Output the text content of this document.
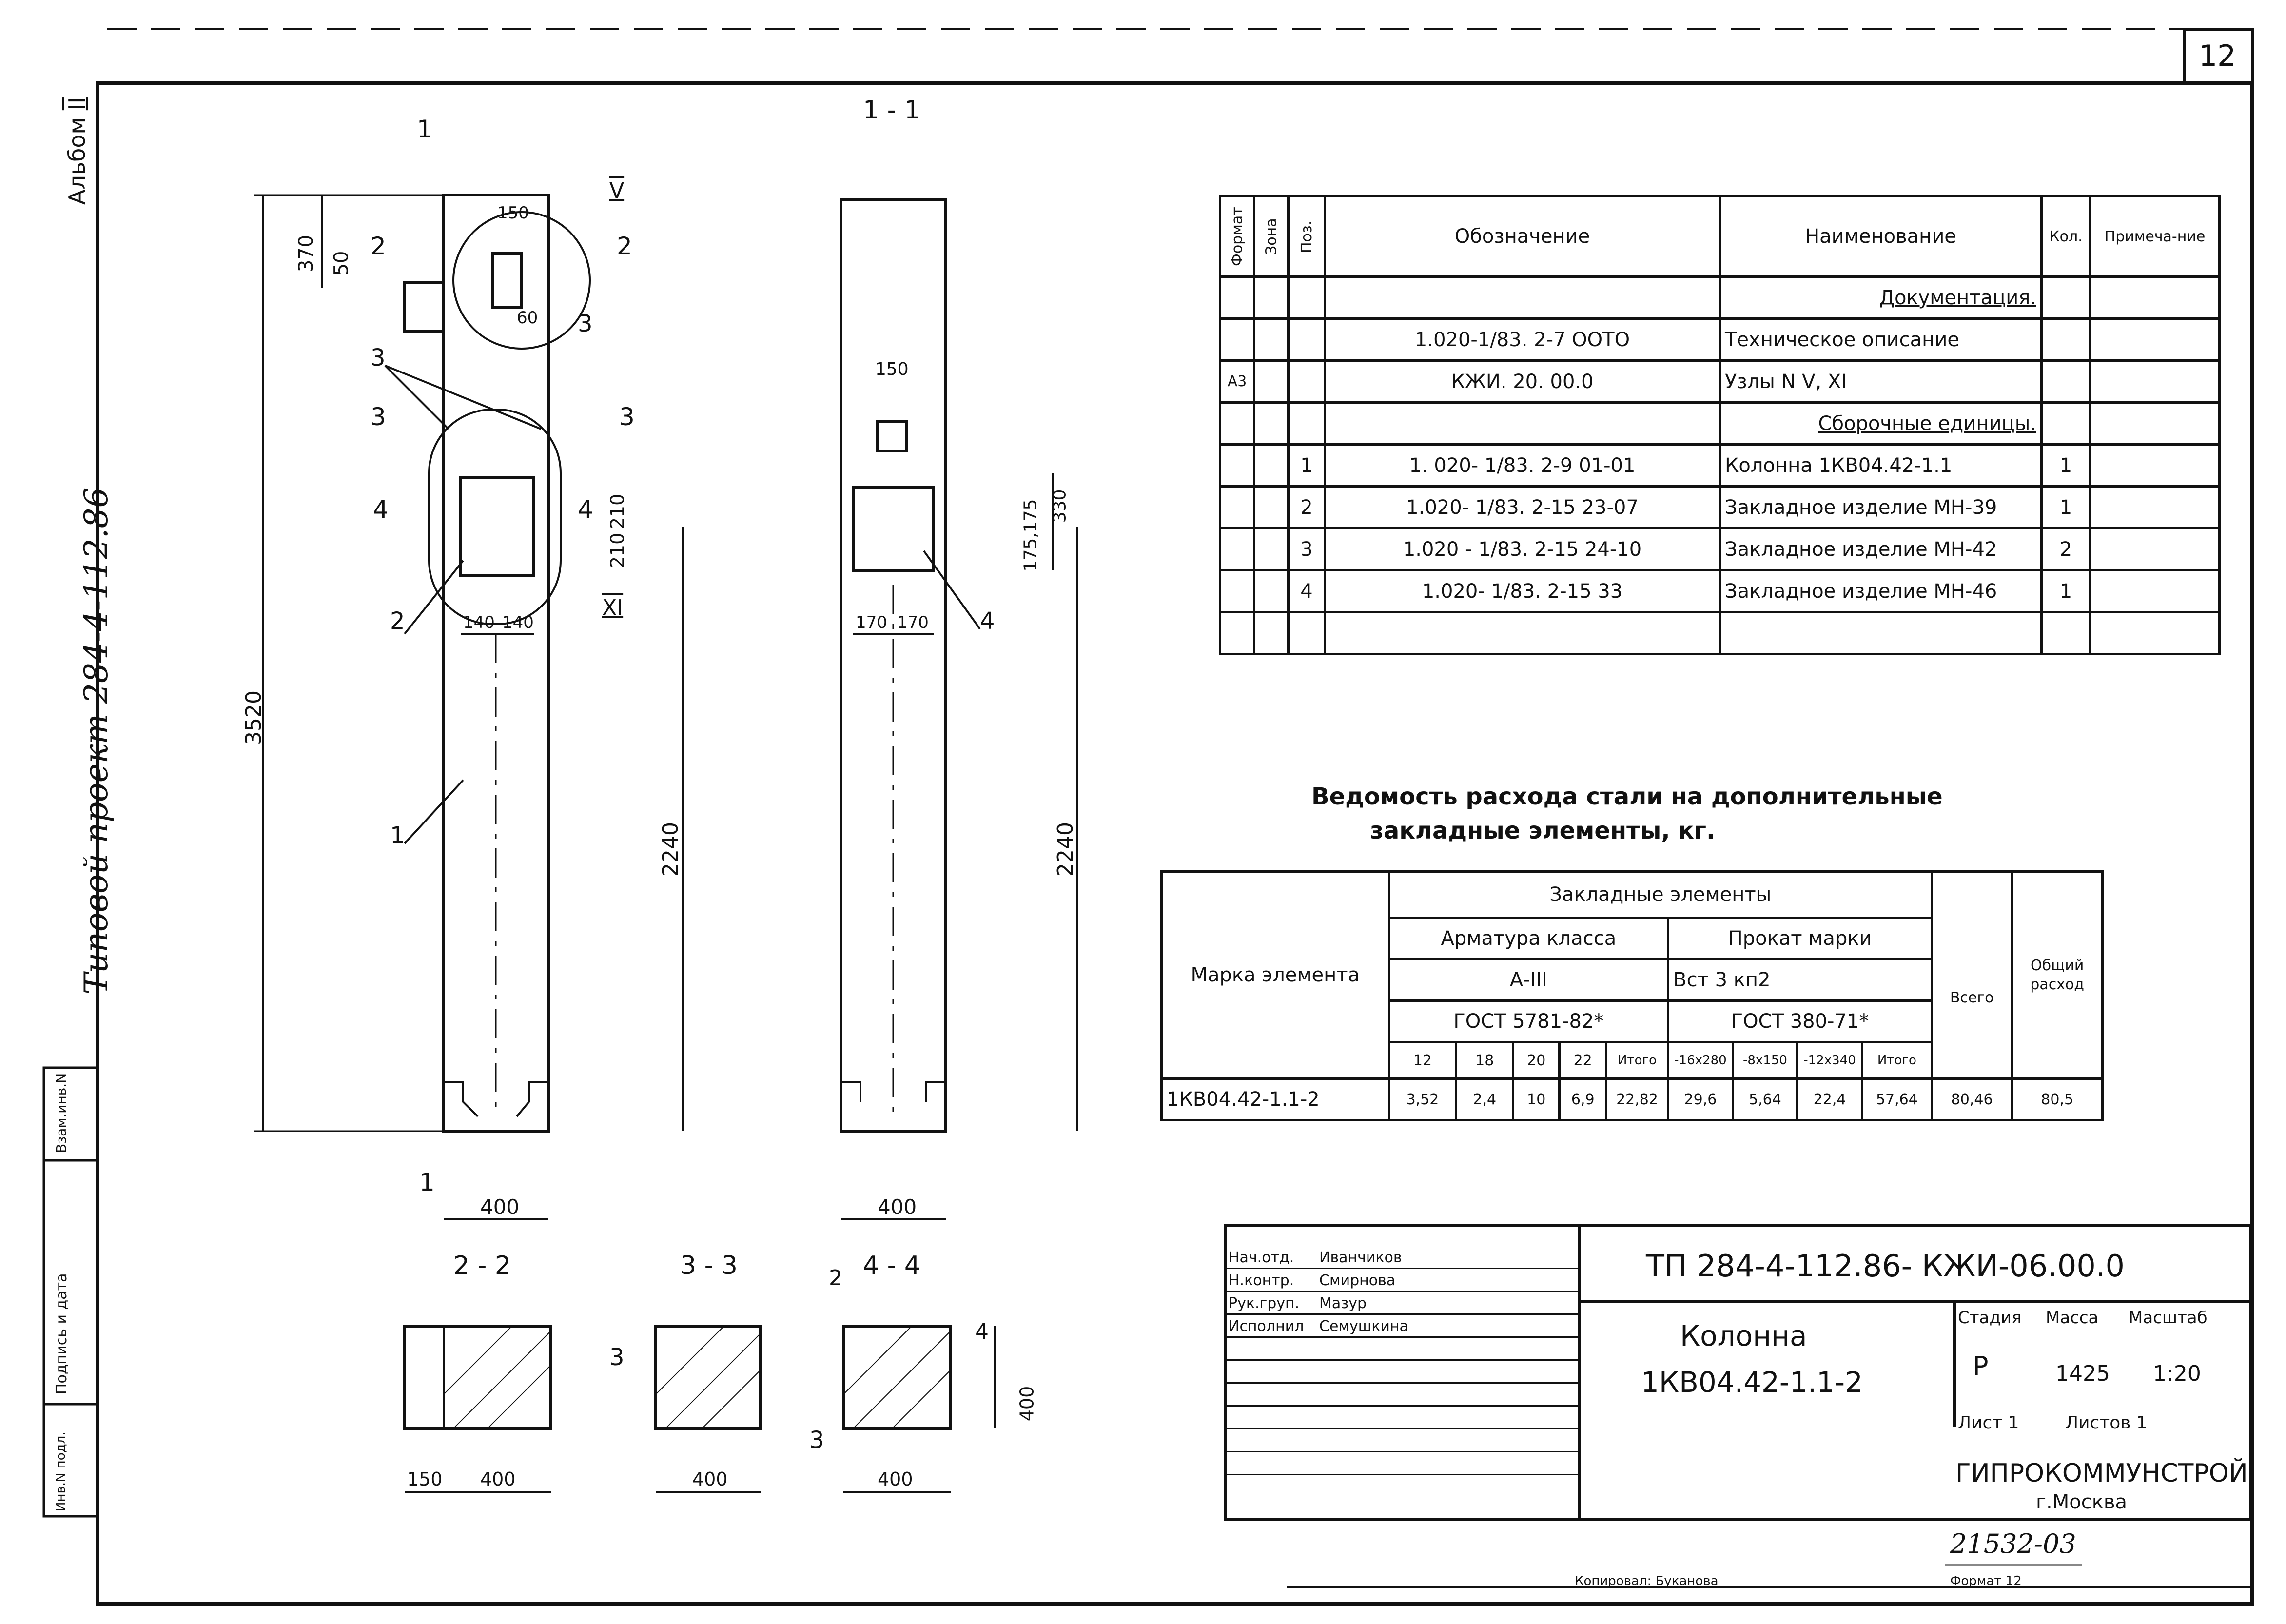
12
Альбом II
Типовой проект 284-4-112.86
Инв.N подл.
Подпись и дата
Взам.инв.N
1 - 1
2 - 2	3 - 3	4 - 4
1
1
2	2
3	3
4	4
V
XI
370 50
150
60
3520
2240	2240
210
210
140 140	170 170
330
175,175
150
400	400
150 400	400	400
400
1
2
3
3
4
3
3
2
4
Формат	Зона	Поз.	Обозначение	Наименование	Кол.	Примеча-ние
				Документация.		
			1.020-1/83. 2-7 ООТО	Техническое описание		
А3			КЖИ. 20. 00.0	Узлы N V, XI		
				Сборочные единицы.		
		1	1. 020- 1/83. 2-9 01-01	Колонна 1КВ04.42-1.1	1	
		2	1.020- 1/83. 2-15 23-07	Закладное изделие МН-39	1	
		3	1.020 - 1/83. 2-15 24-10	Закладное изделие МН-42	2	
		4	1.020- 1/83. 2-15 33	Закладное изделие МН-46	1	

Ведомость расхода стали на дополнительные
закладные элементы, кг.
Марка элемента	Закладные элементы										Общий расход
	Арматура класса					Прокат марки				Всего	
	А-III					Вст 3 кп2					
	ГОСТ 5781-82*					ГОСТ 380-71*					
	12	18	20	22	Итого	-16x280	-8x150	-12x340	Итого		
1КВ04.42-1.1-2	3,52	2,4	10	6,9	22,82	29,6	5,64	22,4	57,64	80,46	80,5
Нач.отд. Иванчиков
Н.контр. Смирнова
Рук.груп. Мазур
Исполнил Семушкина
ТП 284-4-112.86- КЖИ-06.00.0
Колонна
1КВ04.42-1.1-2
Стадия Масса Масштаб
Р	1425 1:20
Лист 1	Листов 1
ГИПРОКОММУНСТРОЙ
г.Москва
21532-03
Копировал: Буканова	Формат 12
